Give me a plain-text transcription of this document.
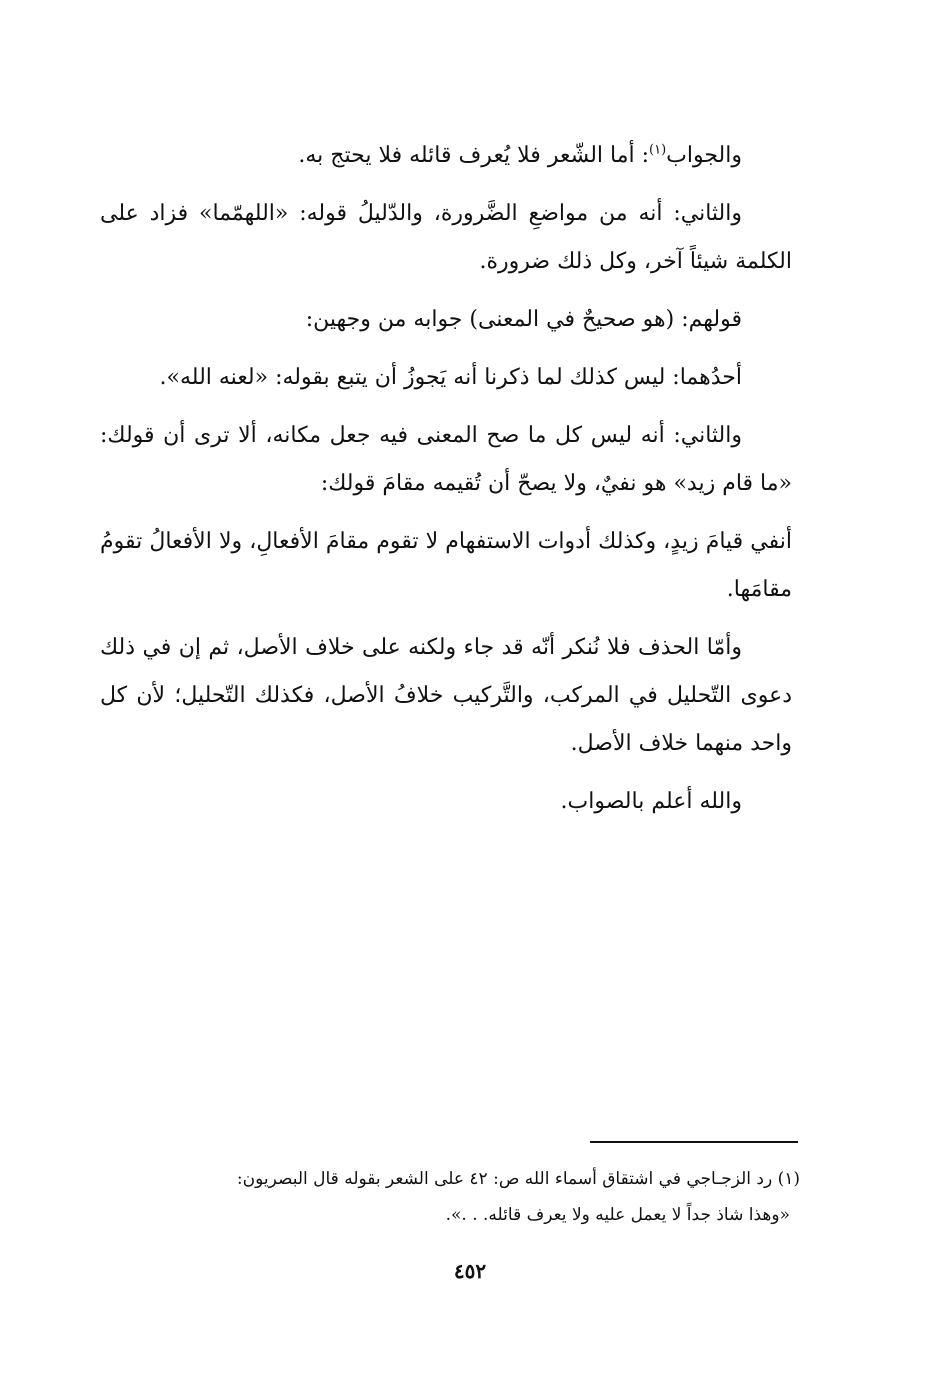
والجواب$^{(١)}$: أما الشّعر فلا يُعرف قائله فلا يحتج به.

والثاني: أنه من مواضعِ الضَّرورة، والدّليلُ قوله: «اللهمّما» فزاد على الكلمة شيئاً آخر، وكل ذلك ضرورة.

قولهم: (هو صحيحٌ في المعنى) جوابه من وجهين:

أحدُهما: ليس كذلك لما ذكرنا أنه يَجوزُ أن يتبع بقوله: «لعنه الله».

والثاني: أنه ليس كل ما صح المعنى فيه جعل مكانه، ألا ترى أن قولك: «ما قام زيد» هو نفيٌ، ولا يصحّ أن تُقيمه مقامَ قولك:

أنفي قيامَ زيدٍ، وكذلك أدوات الاستفهام لا تقوم مقامَ الأفعالِ، ولا الأفعالُ تقومُ مقامَها.

وأمّا الحذف فلا نُنكر أنّه قد جاء ولكنه على خلاف الأصل، ثم إن في ذلك دعوى التّحليل في المركب، والتَّركيب خلافُ الأصل، فكذلك التّحليل؛ لأن كل واحد منهما خلاف الأصل.

والله أعلم بالصواب.

(١) رد الزجـاجي في اشتقاق أسماء الله ص: ٤٢ على الشعر بقوله قال البصريون:

«وهذا شاذ جداً لا يعمل عليه ولا يعرف قائله. . .».

٤٥٢
